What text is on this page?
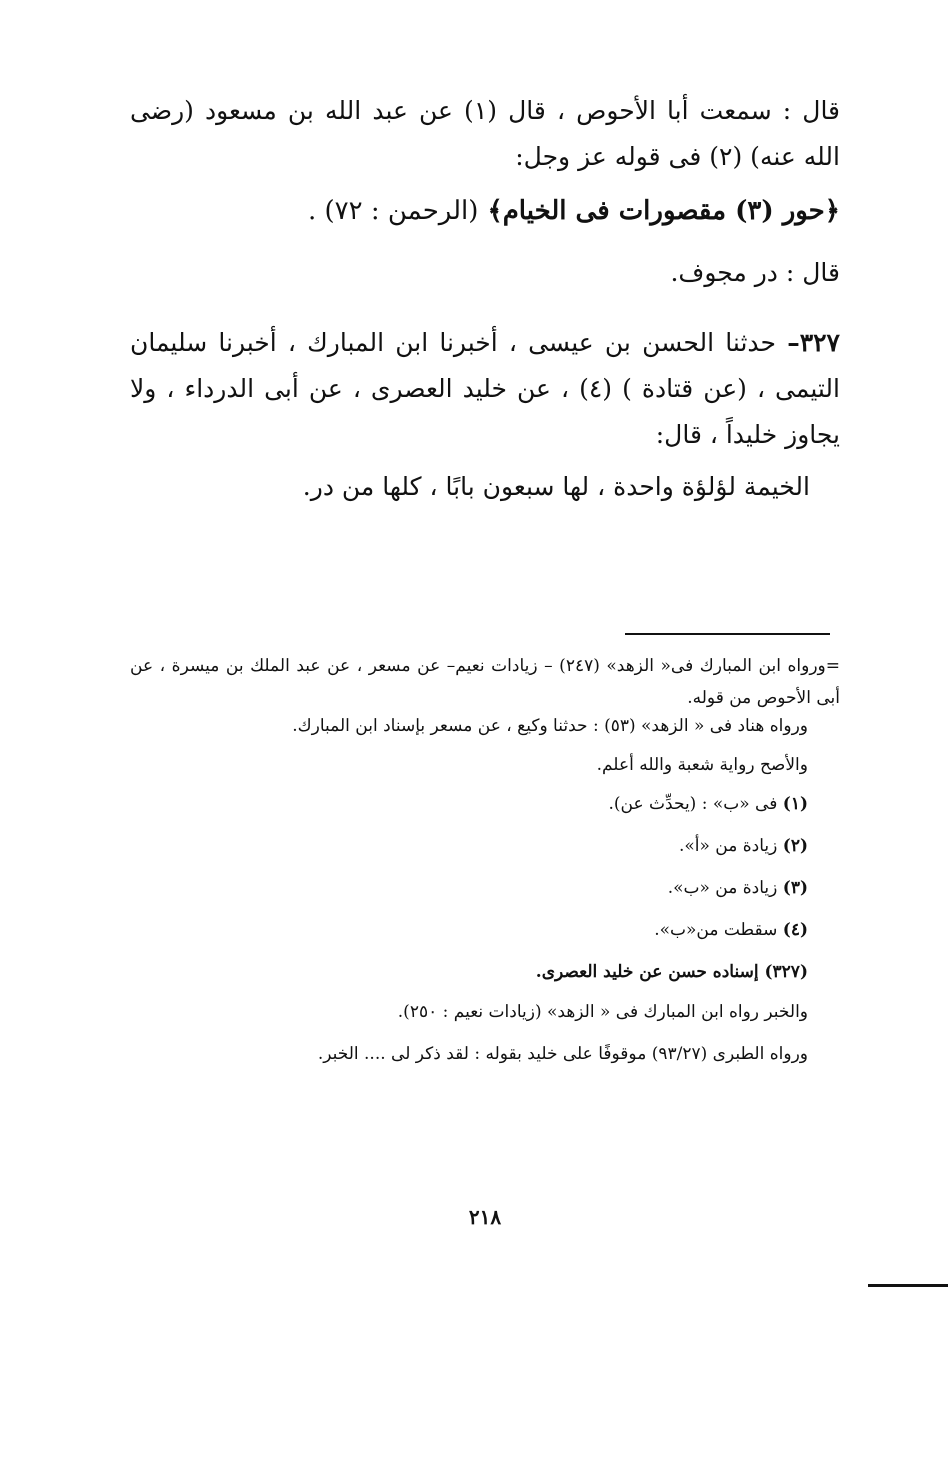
قال : سمعت أبا الأحوص ، قال (١) عن عبد الله بن مسعود (رضى الله عنه) (٢) فى قوله عز وجل:
﴿حور (٣) مقصورات فى الخيام﴾ (الرحمن : ٧٢) .
قال : در مجوف.
٣٢٧– حدثنا الحسن بن عيسى ، أخبرنا ابن المبارك ، أخبرنا سليمان التيمى ، (عن قتادة ) (٤) ، عن خليد العصرى ، عن أبى الدرداء ، ولا يجاوز خليداً ، قال:
الخيمة لؤلؤة واحدة ، لها سبعون بابًا ، كلها من در.
=ورواه ابن المبارك فى« الزهد» (٢٤٧) – زيادات نعيم– عن مسعر ، عن عبد الملك بن ميسرة ، عن أبى الأحوص من قوله.
ورواه هناد فى « الزهد» (٥٣) : حدثنا وكيع ، عن مسعر بإسناد ابن المبارك.
والأصح رواية شعبة والله أعلم.
(١) فى «ب» : (يحدِّث عن).
(٢) زيادة من «أ».
(٣) زيادة من «ب».
(٤) سقطت من«ب».
(٣٢٧) إسناده حسن عن خليد العصرى.
والخبر رواه ابن المبارك فى « الزهد» (زيادات نعيم : ٢٥٠).
ورواه الطبرى (٩٣/٢٧) موقوفًا على خليد بقوله : لقد ذكر لى .... الخبر.
٢١٨
